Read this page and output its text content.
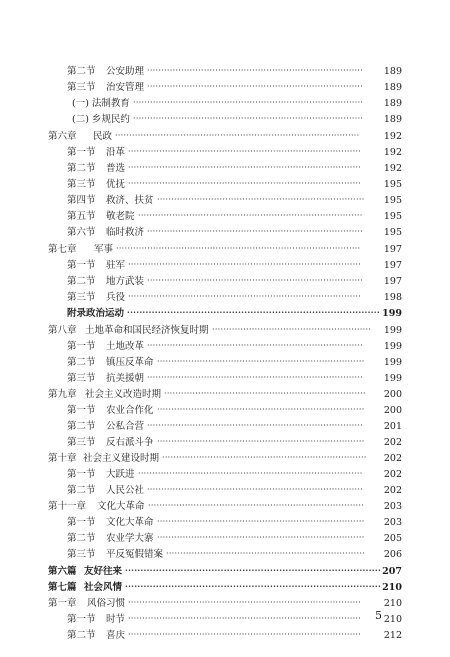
第二节 公安助理 ············································································	189
第三节 治安管理 ············································································	189
(一) 法制教育 ·················································································	189
(二) 乡规民约 ·················································································	189
第六章 民政 ······················································································	192
第一节 沿革 ··················································································	192
第二节 普选 ··················································································	192
第三节 优抚 ··················································································	195
第四节 救济、扶贫 ·········································································	195
第五节 敬老院 ···············································································	195
第六节 临时救济 ············································································	195
第七章 军事 ······················································································	197
第一节 驻军 ··················································································	197
第二节 地方武装 ············································································	197
第三节 兵役 ··················································································	198
附录政治运动 ·················································································· 199
第八章 土地革命和国民经济恢复时期 ························································	199
第一节 土地改革 ············································································	199
第二节 镇压反革命 ·········································································	199
第三节 抗美援朝 ············································································	199
第九章 社会主义改造时期 ·······································································	200
第一节 农业合作化 ·········································································	200
第二节 公私合营 ············································································	201
第三节 反右派斗争 ·········································································	202
第十章 社会主义建设时期 ········································································	202
第一节 大跃进 ···············································································	202
第二节 人民公社 ············································································	202
第十一章 文化大革命 ············································································	203
第一节 文化大革命 ·········································································	203
第二节 农业学大寨 ·········································································	205
第三节 平反冤假错案 ······································································	206
第六篇 友好往来 ··················································································· 207
第七篇 社会风情 ··················································································· 210
第一章 风俗习惯 ··················································································	210
第一节 时节 ··················································································	210
第二节 喜庆 ··················································································	212
5
